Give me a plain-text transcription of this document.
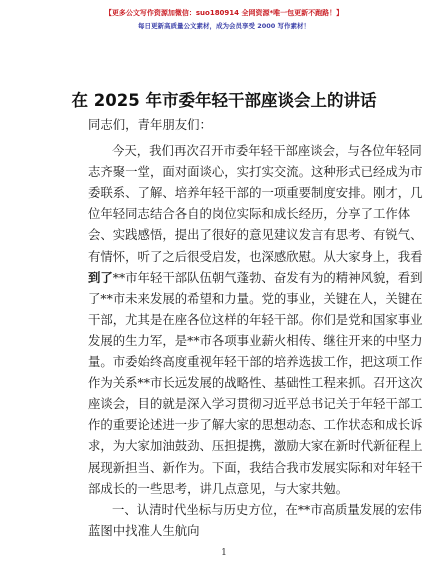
【更多公文写作资源加微信：suo180914 全网资源*唯一包更新不跑路！】
每日更新高质量公文素材，成为会员享受 2000 写作素材！
在 2025 年市委年轻干部座谈会上的讲话
同志们，青年朋友们：
今天，我们再次召开市委年轻干部座谈会，与各位年轻同
志齐聚一堂，面对面谈心，实打实交流。这种形式已经成为市
委联系、了解、培养年轻干部的一项重要制度安排。刚才，几
位年轻同志结合各自的岗位实际和成长经历，分享了工作体
会、实践感悟，提出了很好的意见建议发言有思考、有锐气、
有情怀，听了之后很受启发，也深感欣慰。从大家身上，我看
到了**市年轻干部队伍朝气蓬勃、奋发有为的精神风貌，看到
了**市未来发展的希望和力量。党的事业，关键在人，关键在
干部，尤其是在座各位这样的年轻干部。你们是党和国家事业
发展的生力军，是**市各项事业薪火相传、继往开来的中坚力
量。市委始终高度重视年轻干部的培养选拔工作，把这项工作
作为关系**市长远发展的战略性、基础性工程来抓。召开这次
座谈会，目的就是深入学习贯彻习近平总书记关于年轻干部工
作的重要论述进一步了解大家的思想动态、工作状态和成长诉
求，为大家加油鼓劲、压担提携，激励大家在新时代新征程上
展现新担当、新作为。下面，我结合我市发展实际和对年轻干
部成长的一些思考，讲几点意见，与大家共勉。
一、认清时代坐标与历史方位，在**市高质量发展的宏伟
蓝图中找准人生航向
1
